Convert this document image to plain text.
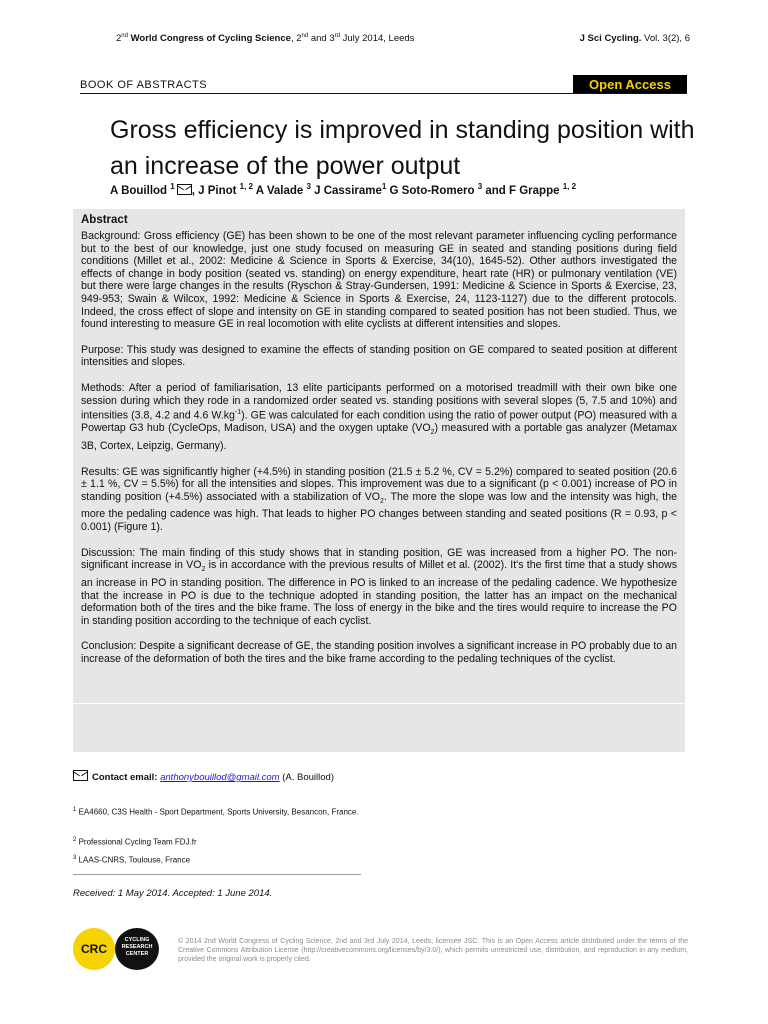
2nd World Congress of Cycling Science, 2nd and 3rd July 2014, Leeds	J Sci Cycling. Vol. 3(2), 6
BOOK OF ABSTRACTS	Open Access
Gross efficiency is improved in standing position with an increase of the power output
A Bouillod $^1$ , J Pinot $^{1, 2}$ A Valade $^3$ J Cassirame$^1$ G Soto-Romero $^3$ and F Grappe $^{1, 2}$
Abstract

Background: Gross efficiency (GE) has been shown to be one of the most relevant parameter influencing cycling performance but to the best of our knowledge, just one study focused on measuring GE in seated and standing positions during field conditions (Millet et al., 2002: Medicine & Science in Sports & Exercise, 34(10), 1645-52). Other authors investigated the effects of change in body position (seated vs. standing) on energy expenditure, heart rate (HR) or pulmonary ventilation (VE) but there were large changes in the results (Ryschon & Stray-Gundersen, 1991: Medicine & Science in Sports & Exercise, 23, 949-953; Swain & Wilcox, 1992: Medicine & Science in Sports & Exercise, 24, 1123-1127) due to the different protocols. Indeed, the cross effect of slope and intensity on GE in standing compared to seated position has not been studied. Thus, we found interesting to measure GE in real locomotion with elite cyclists at different intensities and slopes.

Purpose: This study was designed to examine the effects of standing position on GE compared to seated position at different intensities and slopes.

Methods: After a period of familiarisation, 13 elite participants performed on a motorised treadmill with their own bike one session during which they rode in a randomized order seated vs. standing positions with several slopes (5, 7.5 and 10%) and intensities (3.8, 4.2 and 4.6 $W.kg^{-1}$). GE was calculated for each condition using the ratio of power output (PO) measured with a Powertap G3 hub (CycleOps, Madison, USA) and the oxygen uptake $(VO_2)$ measured with a portable gas analyzer (Metamax 3B, Cortex, Leipzig, Germany).

Results: GE was significantly higher (+4.5%) in standing position (21.5 ± 5.2 %, CV = 5.2%) compared to seated position (20.6 ± 1.1 %, CV = 5.5%) for all the intensities and slopes. This improvement was due to a significant (p < 0.001) increase of PO in standing position (+4.5%) associated with a stabilization of $VO_2$. The more the slope was low and the intensity was high, the more the pedaling cadence was high. That leads to higher PO changes between standing and seated positions (R = 0.93, p < 0.001) (Figure 1).

Discussion: The main finding of this study shows that in standing position, GE was increased from a higher PO. The non-significant increase in $VO_2$ is in accordance with the previous results of Millet et al. (2002). It's the first time that a study shows an increase in PO in standing position. The difference in PO is linked to an increase of the pedaling cadence. We hypothesize that the increase in PO is due to the technique adopted in standing position, the latter has an impact on the mechanical deformation both of the tires and the bike frame. The loss of energy in the bike and the tires would require to increase the PO in standing position according to the technique of each cyclist.

Conclusion: Despite a significant decrease of GE, the standing position involves a significant increase in PO probably due to an increase of the deformation of both the tires and the bike frame according to the pedaling techniques of the cyclist.

Contact email: anthonybouillod@gmail.com (A. Bouillod)
$^1$ EA4660, C3S Health - Sport Department, Sports University, Besancon, France.
$^2$ Professional Cycling Team FDJ.fr
$^3$ LAAS-CNRS, Toulouse, France
Received: 1 May 2014. Accepted: 1 June 2014.
CRC
CYCLING RESEARCH CENTER
© 2014 2nd World Congress of Cycling Science, 2nd and 3rd July 2014, Leeds; licensee JSC. This is an Open Access article distributed under the terms of the Creative Commons Attribution License (http://creativecommons.org/licenses/by/3.0/), which permits unrestricted use, distribution, and reproduction in any medium, provided the original work is properly cited.
